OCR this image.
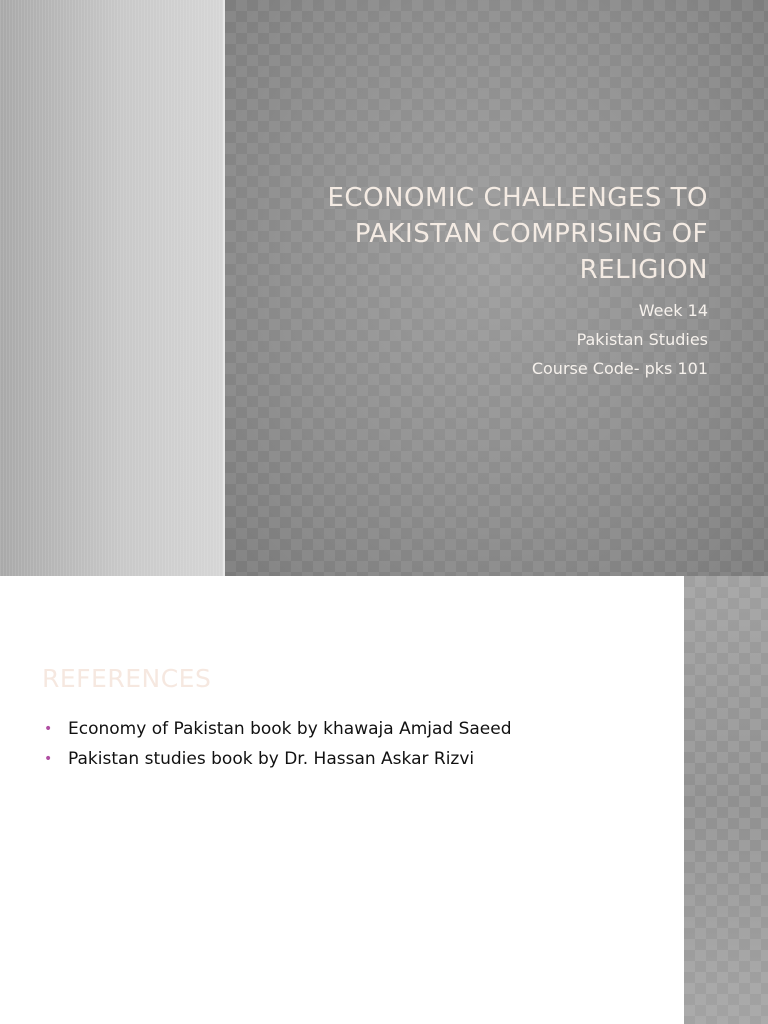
ECONOMIC CHALLENGES TO PAKISTAN COMPRISING OF RELIGION
Week 14
Pakistan Studies
Course Code- pks 101
REFERENCES
• Economy of Pakistan book by khawaja Amjad Saeed
• Pakistan studies book by Dr. Hassan Askar Rizvi
